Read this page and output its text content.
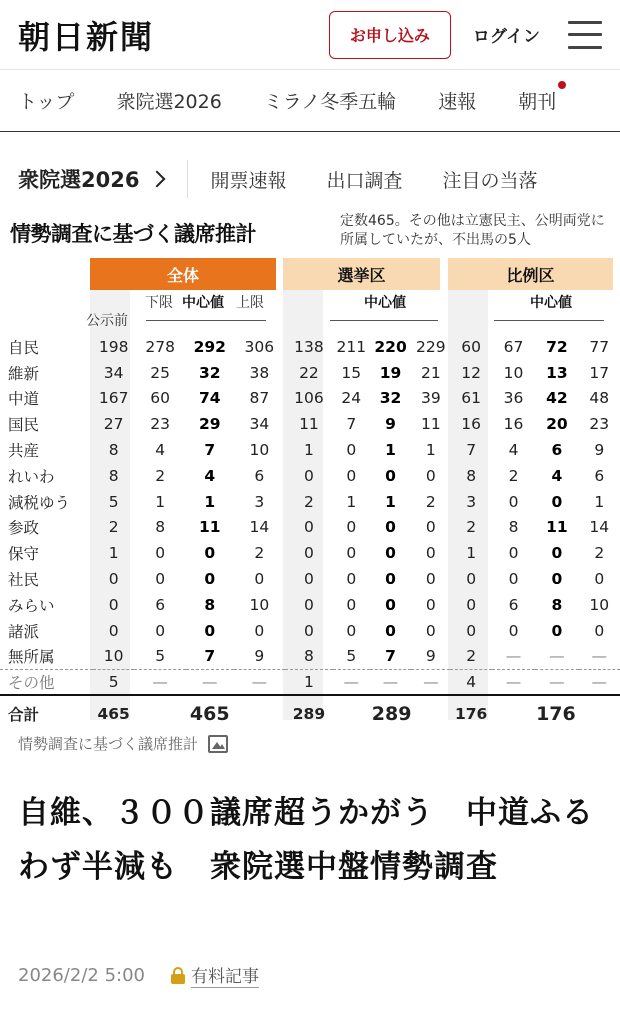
朝日新聞	お申し込み	ログイン
トップ 衆院選2026 ミラノ冬季五輪 速報 朝刊
衆院選2026	開票速報 出口調査 注目の当落
情勢調査に基づく議席推計
定数465。その他は立憲民主、公明両党に所属していたが、不出馬の5人
全体	選挙区	比例区
公示前
下限 中心値 上限	中心値	中心値
自民	198	278	292	306	138	211	220	229	60	67	72	77
維新	34	25	32	38	22	15	19	21	12	10	13	17
中道	167	60	74	87	106	24	32	39	61	36	42	48
国民	27	23	29	34	11	7	9	11	16	16	20	23
共産	8	4	7	10	1	0	1	1	7	4	6	9
れいわ	8	2	4	6	0	0	0	0	8	2	4	6
減税ゆう	5	1	1	3	2	1	1	2	3	0	0	1
参政	2	8	11	14	0	0	0	0	2	8	11	14
保守	1	0	0	2	0	0	0	0	1	0	0	2
社民	0	0	0	0	0	0	0	0	0	0	0	0
みらい	0	6	8	10	0	0	0	0	0	6	8	10
諸派	0	0	0	0	0	0	0	0	0	0	0	0
無所属	10	5	7	9	8	5	7	9	2	—	—	—
その他	5	—	—	—	1	—	—	—	4	—	—	—
合計	465	465			289	289			176	176		
情勢調査に基づく議席推計
自維、３００議席超うかがう　中道ふるわず半減も　衆院選中盤情勢調査
2026/2/2 5:00	有料記事
